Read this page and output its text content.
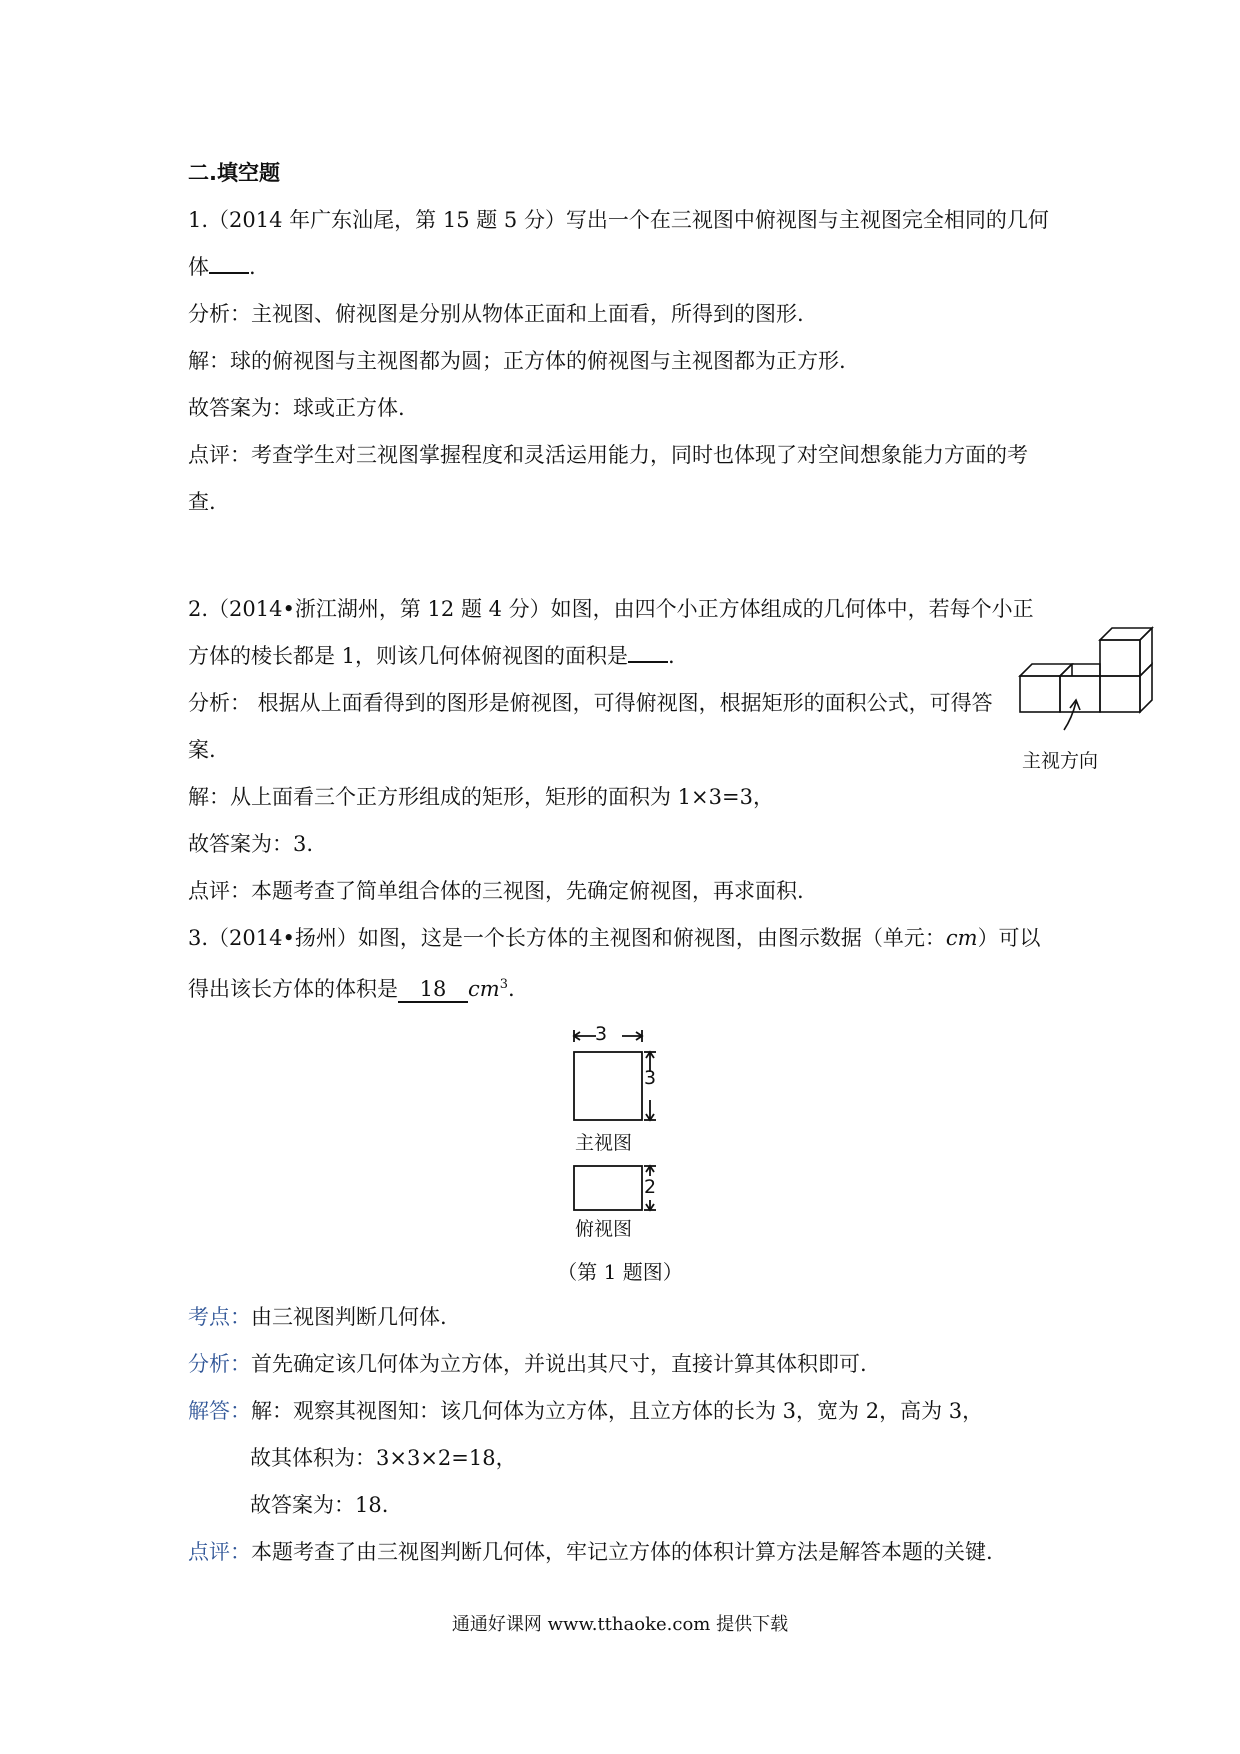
二.填空题
1.（2014 年广东汕尾，第 15 题 5 分）写出一个在三视图中俯视图与主视图完全相同的几何
体 .
分析：主视图、俯视图是分别从物体正面和上面看，所得到的图形.
解：球的俯视图与主视图都为圆；正方体的俯视图与主视图都为正方形.
故答案为：球或正方体.
点评：考查学生对三视图掌握程度和灵活运用能力，同时也体现了对空间想象能力方面的考
查.
2.（2014•浙江湖州，第 12 题 4 分）如图，由四个小正方体组成的几何体中，若每个小正
方体的棱长都是 1，则该几何体俯视图的面积是 .
分析： 根据从上面看得到的图形是俯视图，可得俯视图，根据矩形的面积公式，可得答
案.
解：从上面看三个正方形组成的矩形，矩形的面积为 1×3=3，
故答案为：3.
点评：本题考查了简单组合体的三视图，先确定俯视图，再求面积.
主视方向
3.（2014•扬州）如图，这是一个长方体的主视图和俯视图，由图示数据（单元：cm）可以
得出该长方体的体积是 18 $cm^3$.
3
3
主视图
2
俯视图
（第 1 题图）
考点：由三视图判断几何体.
分析：首先确定该几何体为立方体，并说出其尺寸，直接计算其体积即可.
解答：解：观察其视图知：该几何体为立方体，且立方体的长为 3，宽为 2，高为 3，
故其体积为：3×3×2=18，
故答案为：18.
点评：本题考查了由三视图判断几何体，牢记立方体的体积计算方法是解答本题的关键.
通通好课网 www.tthaoke.com 提供下载
